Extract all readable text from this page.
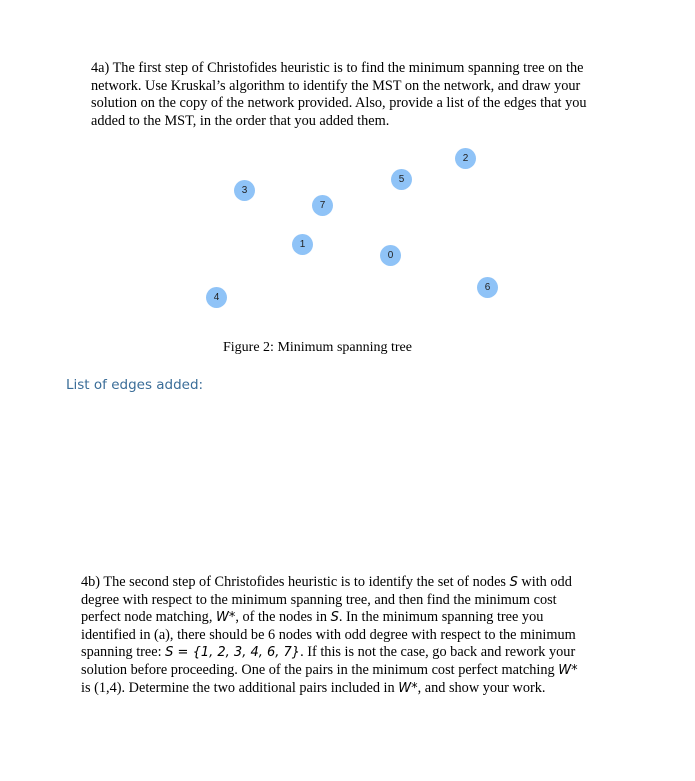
4a) The first step of Christofides heuristic is to find the minimum spanning tree on the
network. Use Kruskal’s algorithm to identify the MST on the network, and draw your
solution on the copy of the network provided. Also, provide a list of the edges that you
added to the MST, in the order that you added them.
2
5
3
7
1
0
6
4
Figure 2: Minimum spanning tree
List of edges added:
4b) The second step of Christofides heuristic is to identify the set of nodes S with odd
degree with respect to the minimum spanning tree, and then find the minimum cost
perfect node matching, W*, of the nodes in S. In the minimum spanning tree you
identified in (a), there should be 6 nodes with odd degree with respect to the minimum
spanning tree: S = {1, 2, 3, 4, 6, 7}. If this is not the case, go back and rework your
solution before proceeding. One of the pairs in the minimum cost perfect matching W*
is (1,4). Determine the two additional pairs included in W*, and show your work.
